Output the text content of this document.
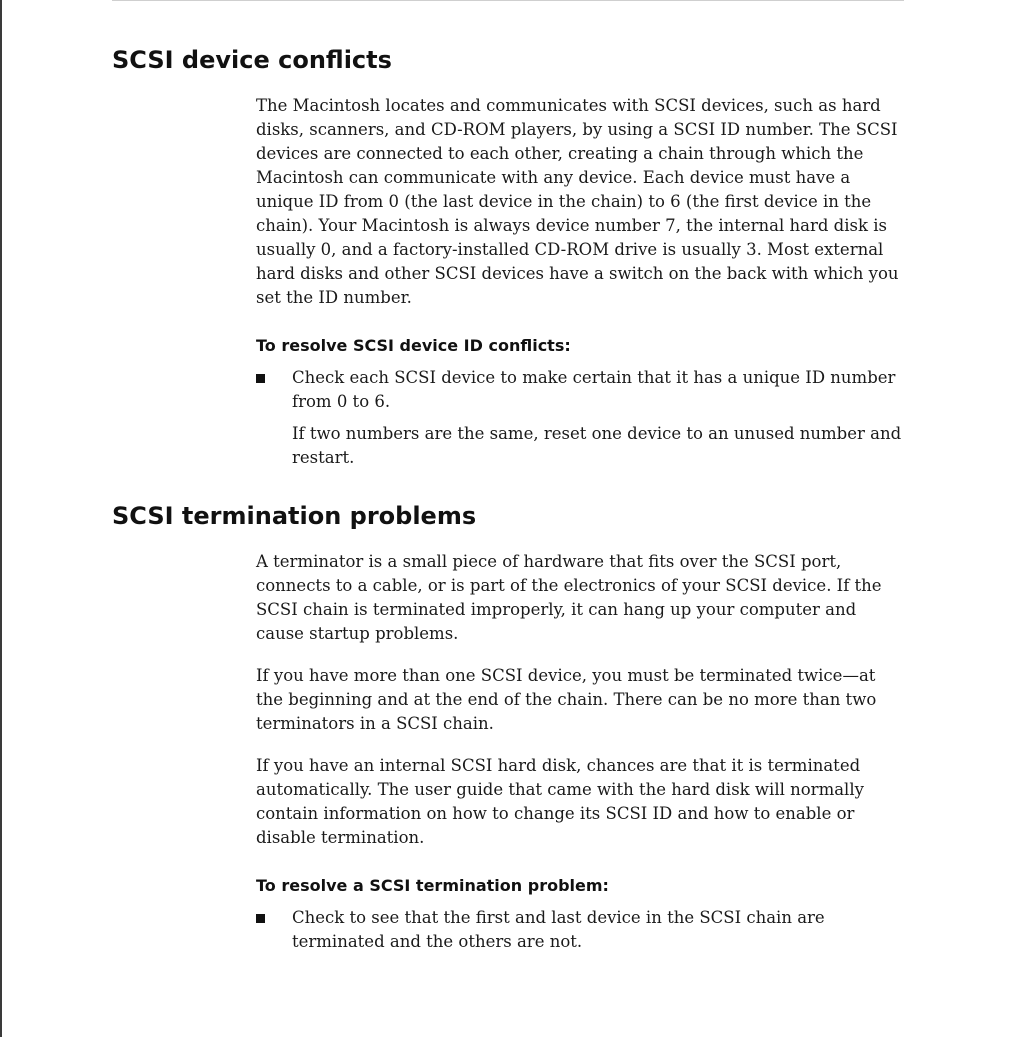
SCSI device conflicts

The Macintosh locates and communicates with SCSI devices, such as hard disks, scanners, and CD-ROM players, by using a SCSI ID number. The SCSI devices are connected to each other, creating a chain through which the Macintosh can communicate with any device. Each device must have a unique ID from 0 (the last device in the chain) to 6 (the first device in the chain). Your Macintosh is always device number 7, the internal hard disk is usually 0, and a factory-installed CD-ROM drive is usually 3. Most external hard disks and other SCSI devices have a switch on the back with which you set the ID number.

To resolve SCSI device ID conflicts:

Check each SCSI device to make certain that it has a unique ID number from 0 to 6.

If two numbers are the same, reset one device to an unused number and restart.

SCSI termination problems

A terminator is a small piece of hardware that fits over the SCSI port, connects to a cable, or is part of the electronics of your SCSI device. If the SCSI chain is terminated improperly, it can hang up your computer and cause startup problems.

If you have more than one SCSI device, you must be terminated twice—at the beginning and at the end of the chain. There can be no more than two terminators in a SCSI chain.

If you have an internal SCSI hard disk, chances are that it is terminated automatically. The user guide that came with the hard disk will normally contain information on how to change its SCSI ID and how to enable or disable termination.

To resolve a SCSI termination problem:

Check to see that the first and last device in the SCSI chain are terminated and the others are not.
